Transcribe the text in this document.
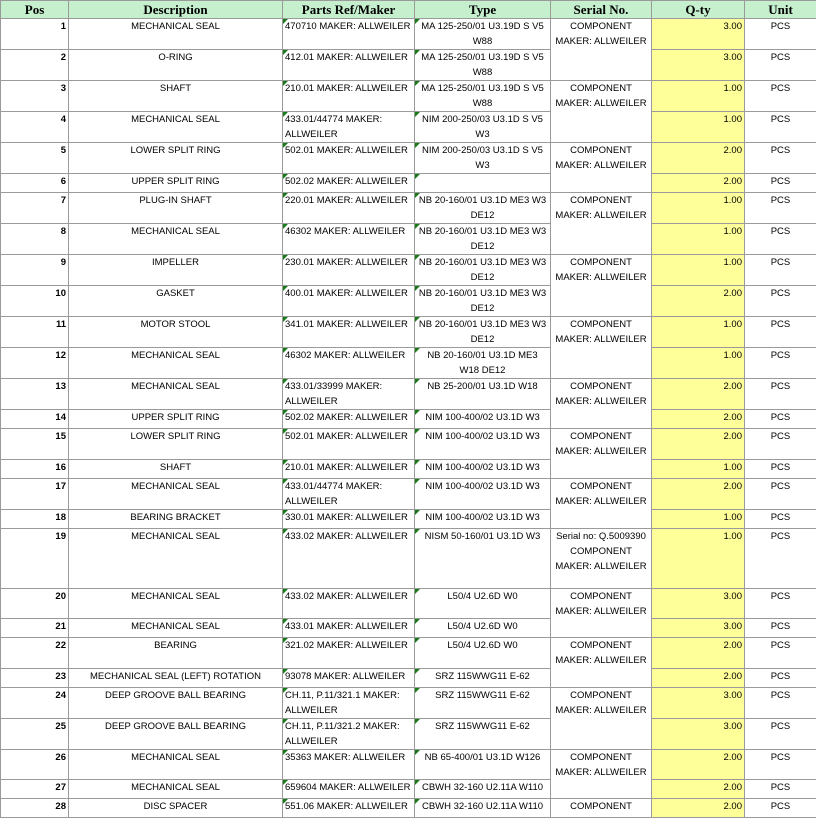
Pos	Description	Parts Ref/Maker	Type	Serial No.	Q-ty	Unit
1	MECHANICAL SEAL	470710 MAKER: ALLWEILER	MA 125-250/01 U3.19D S V5 W88	COMPONENT MAKER: ALLWEILER	3.00	PCS
2	O-RING	412.01 MAKER: ALLWEILER	MA 125-250/01 U3.19D S V5 W88		3.00	PCS
3	SHAFT	210.01 MAKER: ALLWEILER	MA 125-250/01 U3.19D S V5 W88	COMPONENT MAKER: ALLWEILER	1.00	PCS
4	MECHANICAL SEAL	433.01/44774 MAKER: ALLWEILER	NIM 200-250/03 U3.1D S V5 W3		1.00	PCS
5	LOWER SPLIT RING	502.01 MAKER: ALLWEILER	NIM 200-250/03 U3.1D S V5 W3	COMPONENT MAKER: ALLWEILER	2.00	PCS
6	UPPER SPLIT RING	502.02 MAKER: ALLWEILER			2.00	PCS
7	PLUG-IN SHAFT	220.01 MAKER: ALLWEILER	NB 20-160/01 U3.1D ME3 W3 DE12	COMPONENT MAKER: ALLWEILER	1.00	PCS
8	MECHANICAL SEAL	46302 MAKER: ALLWEILER	NB 20-160/01 U3.1D ME3 W3 DE12		1.00	PCS
9	IMPELLER	230.01 MAKER: ALLWEILER	NB 20-160/01 U3.1D ME3 W3 DE12	COMPONENT MAKER: ALLWEILER	1.00	PCS
10	GASKET	400.01 MAKER: ALLWEILER	NB 20-160/01 U3.1D ME3 W3 DE12		2.00	PCS
11	MOTOR STOOL	341.01 MAKER: ALLWEILER	NB 20-160/01 U3.1D ME3 W3 DE12	COMPONENT MAKER: ALLWEILER	1.00	PCS
12	MECHANICAL SEAL	46302 MAKER: ALLWEILER	NB 20-160/01 U3.1D ME3 W18 DE12		1.00	PCS
13	MECHANICAL SEAL	433.01/33999 MAKER: ALLWEILER	NB 25-200/01 U3.1D W18	COMPONENT MAKER: ALLWEILER	2.00	PCS
14	UPPER SPLIT RING	502.02 MAKER: ALLWEILER	NIM 100-400/02 U3.1D W3		2.00	PCS
15	LOWER SPLIT RING	502.01 MAKER: ALLWEILER	NIM 100-400/02 U3.1D W3	COMPONENT MAKER: ALLWEILER	2.00	PCS
16	SHAFT	210.01 MAKER: ALLWEILER	NIM 100-400/02 U3.1D W3		1.00	PCS
17	MECHANICAL SEAL	433.01/44774 MAKER: ALLWEILER	NIM 100-400/02 U3.1D W3	COMPONENT MAKER: ALLWEILER	2.00	PCS
18	BEARING BRACKET	330.01 MAKER: ALLWEILER	NIM 100-400/02 U3.1D W3		1.00	PCS
19	MECHANICAL SEAL	433.02 MAKER: ALLWEILER	NISM 50-160/01 U3.1D W3	Serial no: Q.5009390 COMPONENT MAKER: ALLWEILER	1.00	PCS
20	MECHANICAL SEAL	433.02 MAKER: ALLWEILER	L50/4 U2.6D W0	COMPONENT MAKER: ALLWEILER	3.00	PCS
21	MECHANICAL SEAL	433.01 MAKER: ALLWEILER	L50/4 U2.6D W0		3.00	PCS
22	BEARING	321.02 MAKER: ALLWEILER	L50/4 U2.6D W0	COMPONENT MAKER: ALLWEILER	2.00	PCS
23	MECHANICAL SEAL (LEFT) ROTATION	93078 MAKER: ALLWEILER	SRZ 115WWG11 E-62		2.00	PCS
24	DEEP GROOVE BALL BEARING	CH.11, P.11/321.1 MAKER: ALLWEILER	SRZ 115WWG11 E-62	COMPONENT MAKER: ALLWEILER	3.00	PCS
25	DEEP GROOVE BALL BEARING	CH.11, P.11/321.2 MAKER: ALLWEILER	SRZ 115WWG11 E-62		3.00	PCS
26	MECHANICAL SEAL	35363 MAKER: ALLWEILER	NB 65-400/01 U3.1D W126	COMPONENT MAKER: ALLWEILER	2.00	PCS
27	MECHANICAL SEAL	659604 MAKER: ALLWEILER	CBWH 32-160 U2.11A W110		2.00	PCS
28	DISC SPACER	551.06 MAKER: ALLWEILER	CBWH 32-160 U2.11A W110	COMPONENT	2.00	PCS
